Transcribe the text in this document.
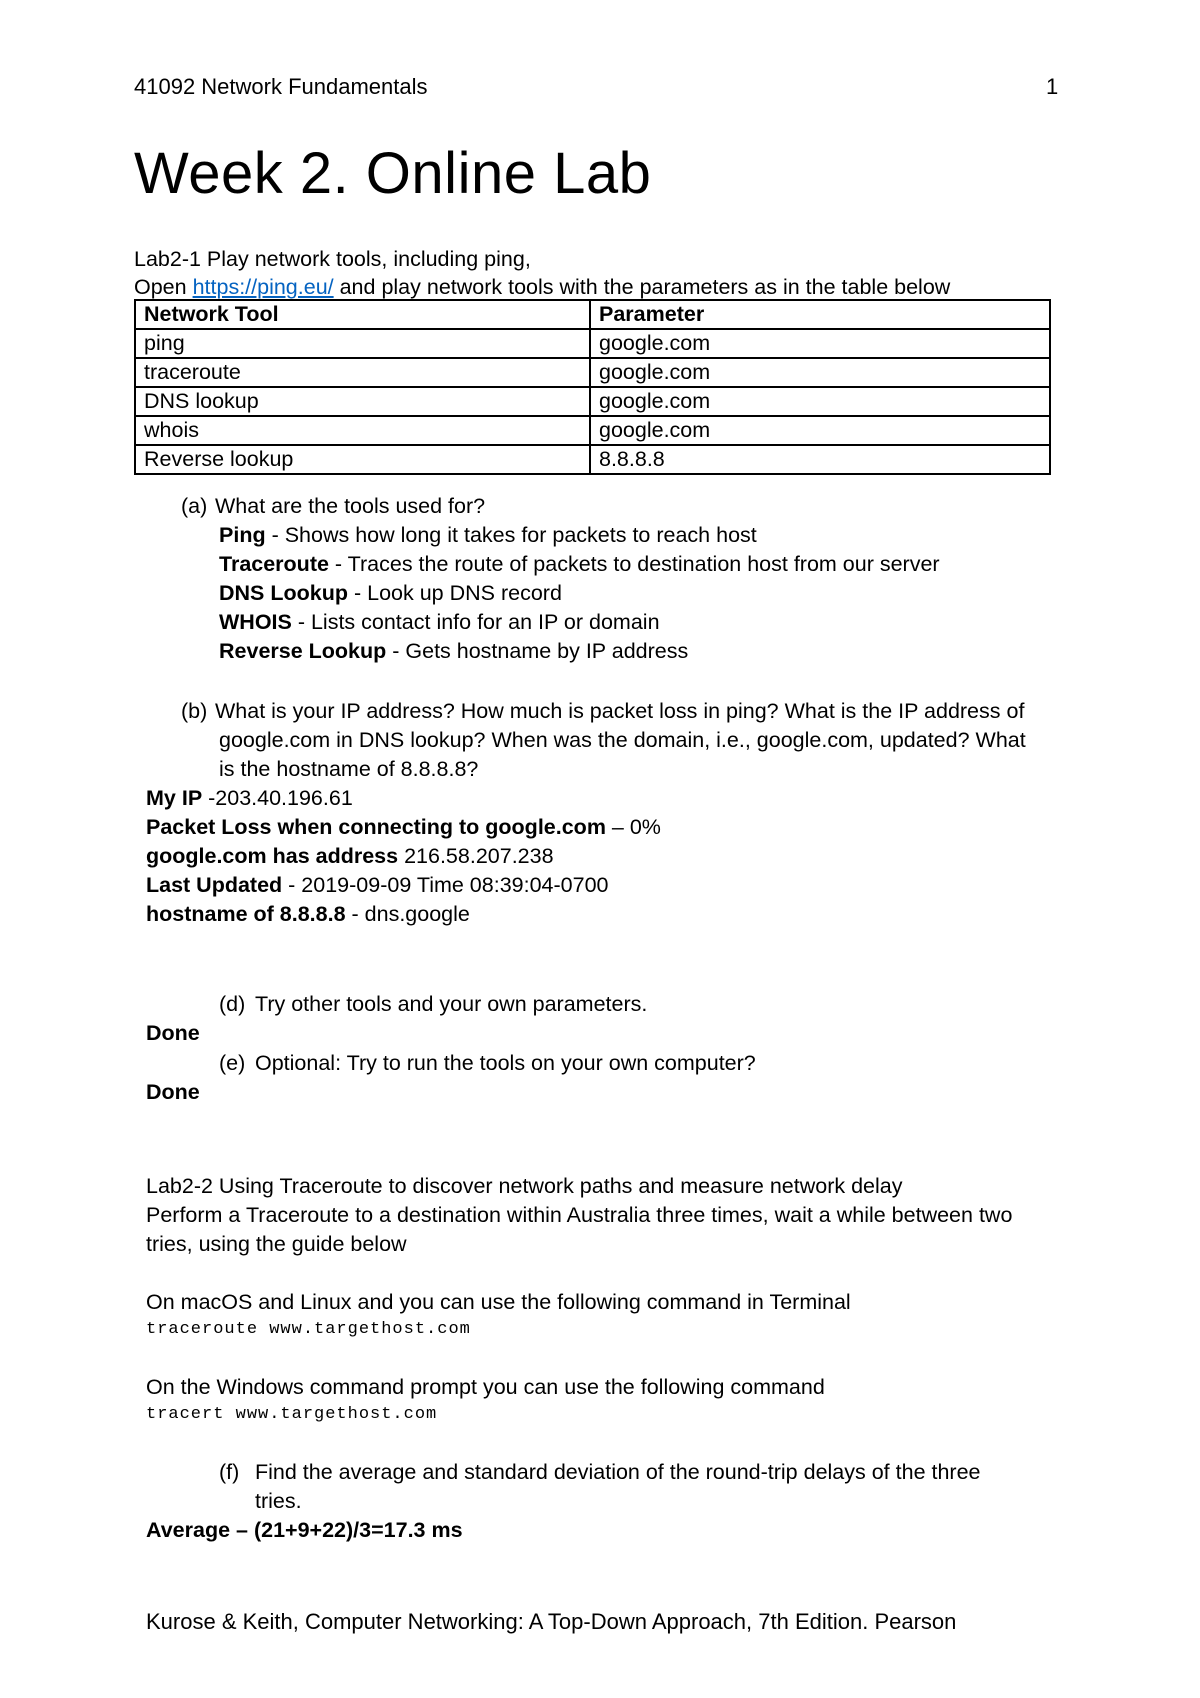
41092 Network Fundamentals	1
Week 2. Online Lab
Lab2-1 Play network tools, including ping,
Open https://ping.eu/ and play network tools with the parameters as in the table below
Network Tool	Parameter
ping	google.com
traceroute	google.com
DNS lookup	google.com
whois	google.com
Reverse lookup	8.8.8.8
(a) What are the tools used for?
Ping - Shows how long it takes for packets to reach host
Traceroute - Traces the route of packets to destination host from our server
DNS Lookup - Look up DNS record
WHOIS - Lists contact info for an IP or domain
Reverse Lookup - Gets hostname by IP address
(b) What is your IP address? How much is packet loss in ping? What is the IP address of
google.com in DNS lookup? When was the domain, i.e., google.com, updated? What
is the hostname of 8.8.8.8?
My IP -203.40.196.61
Packet Loss when connecting to google.com – 0%
google.com has address 216.58.207.238
Last Updated - 2019-09-09 Time 08:39:04-0700
hostname of 8.8.8.8 - dns.google
(d) Try other tools and your own parameters.
Done
(e) Optional: Try to run the tools on your own computer?
Done
Lab2-2 Using Traceroute to discover network paths and measure network delay
Perform a Traceroute to a destination within Australia three times, wait a while between two
tries, using the guide below
On macOS and Linux and you can use the following command in Terminal
traceroute www.targethost.com
On the Windows command prompt you can use the following command
tracert www.targethost.com
(f) Find the average and standard deviation of the round-trip delays of the three
tries.
Average – (21+9+22)/3=17.3 ms
Kurose & Keith, Computer Networking: A Top-Down Approach, 7th Edition. Pearson
